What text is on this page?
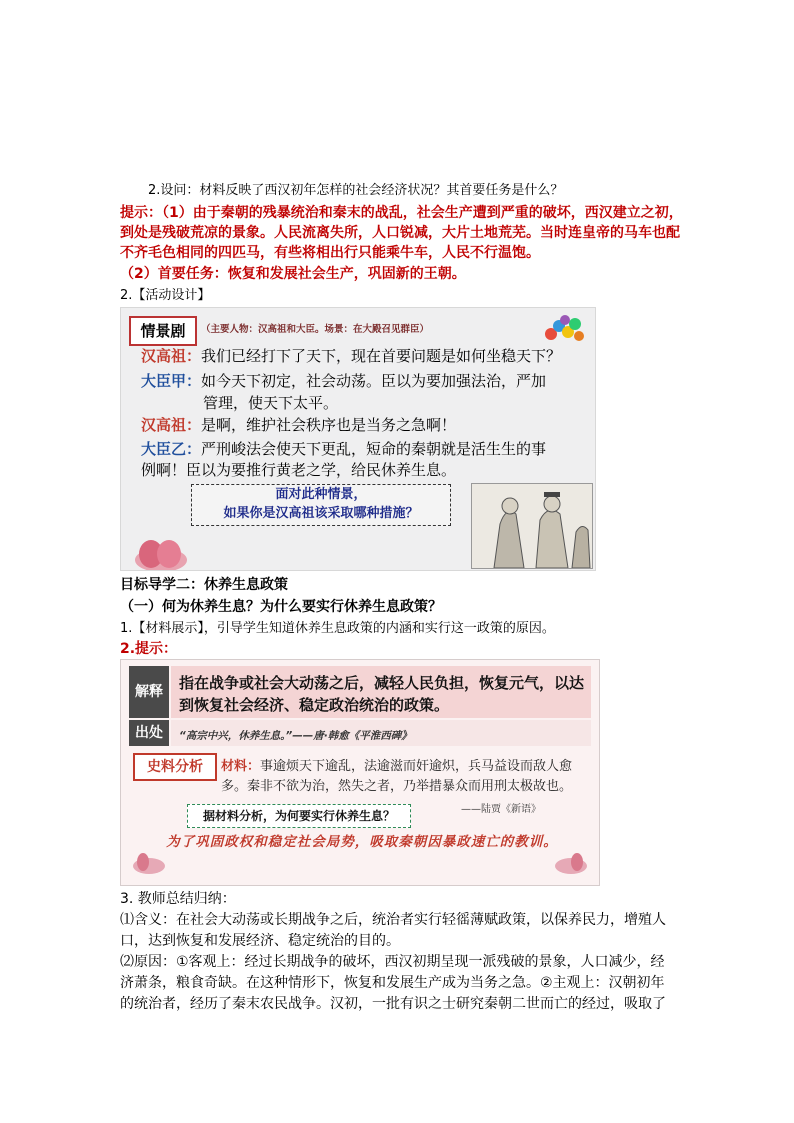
2.设问：材料反映了西汉初年怎样的社会经济状况？其首要任务是什么？
提示：（1）由于秦朝的残暴统治和秦末的战乱，社会生产遭到严重的破坏，西汉建立之初，
到处是残破荒凉的景象。人民流离失所，人口锐减，大片土地荒芜。当时连皇帝的马车也配
不齐毛色相同的四匹马，有些将相出行只能乘牛车，人民不行温饱。
（2）首要任务：恢复和发展社会生产，巩固新的王朝。
2.【活动设计】
情景剧	（主要人物：汉高祖和大臣。场景：在大殿召见群臣）
汉高祖：我们已经打下了天下，现在首要问题是如何坐稳天下？
大臣甲：如今天下初定，社会动荡。臣以为要加强法治，严加
管理，使天下太平。
汉高祖：是啊，维护社会秩序也是当务之急啊！
大臣乙：严刑峻法会使天下更乱，短命的秦朝就是活生生的事
例啊！臣以为要推行黄老之学，给民休养生息。
面对此种情景，
如果你是汉高祖该采取哪种措施？
目标导学二：休养生息政策
（一）何为休养生息？为什么要实行休养生息政策？
1.【材料展示】，引导学生知道休养生息政策的内涵和实行这一政策的原因。
2.提示：
解释	指在战争或社会大动荡之后，减轻人民负担，恢复元气，以达到恢复社会经济、稳定政治统治的政策。
出处	“高宗中兴，休养生息。”——唐·韩愈《平淮西碑》
史料分析	材料：事逾烦天下逾乱，法逾滋而奸逾炽，兵马益设而敌人愈多。秦非不欲为治，然失之者，乃举措暴众而用刑太极故也。
——陆贾《新语》
据材料分析，为何要实行休养生息？
为了巩固政权和稳定社会局势，吸取秦朝因暴政速亡的教训。
3. 教师总结归纳：
⑴含义：在社会大动荡或长期战争之后，统治者实行轻徭薄赋政策，以保养民力，增殖人
口，达到恢复和发展经济、稳定统治的目的。
⑵原因：①客观上：经过长期战争的破坏，西汉初期呈现一派残破的景象，人口减少，经
济萧条，粮食奇缺。在这种情形下，恢复和发展生产成为当务之急。②主观上：汉朝初年
的统治者，经历了秦末农民战争。汉初，一批有识之士研究秦朝二世而亡的经过，吸取了
